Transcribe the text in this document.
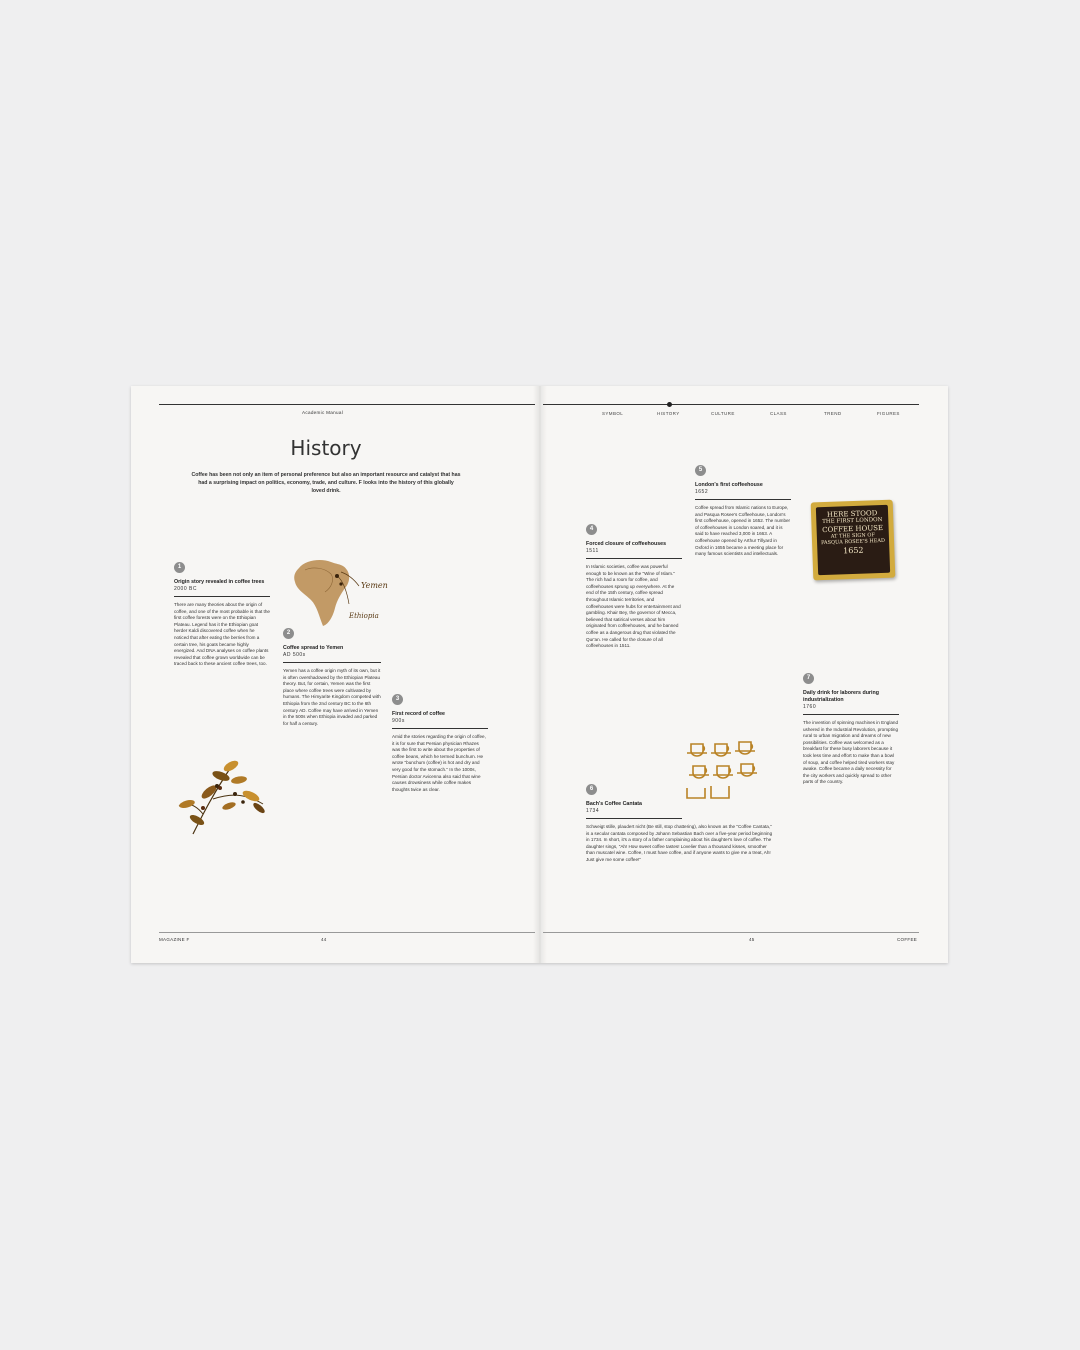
Academic Manual
History
Coffee has been not only an item of personal preference but also an important resource and catalyst that has had a surprising impact on politics, economy, trade, and culture. F looks into the history of this globally loved drink.
1
Origin story revealed in coffee trees
2000 BC
There are many theories about the origin of coffee, and one of the most probable is that the first coffee forests were on the Ethiopian Plateau. Legend has it the Ethiopian goat herder Kaldi discovered coffee when he noticed that after eating the berries from a certain tree, his goats became highly energized. And DNA analyses on coffee plants revealed that coffee grown worldwide can be traced back to these ancient coffee trees, too.
Yemen
Ethiopia
2
Coffee spread to Yemen
AD 500s
Yemen has a coffee origin myth of its own, but it is often overshadowed by the Ethiopian Plateau theory. But, for certain, Yemen was the first place where coffee trees were cultivated by humans. The Himyarite Kingdom competed with Ethiopia from the 2nd century BC to the 6th century AD. Coffee may have arrived in Yemen in the 500s when Ethiopia invaded and parked for half a century.
3
First record of coffee
900s
Amid the stories regarding the origin of coffee, it is for sure that Persian physician Rhazes was the first to write about the properties of coffee beans, which he termed bunchum. He wrote "bunchum (coffee) is hot and dry and very good for the stomach." In the 1000s, Persian doctor Avicenna also said that wine causes drowsiness while coffee makes thoughts twice as clear.
MAGAZINE F	44
SYMBOL	HISTORY	CULTURE	CLASS	TREND	FIGURES
4
Forced closure of coffeehouses
1511
In Islamic societies, coffee was powerful enough to be known as the "Wine of Islam." The rich had a room for coffee, and coffeehouses sprung up everywhere. At the end of the 15th century, coffee spread throughout Islamic territories, and coffeehouses were hubs for entertainment and gambling. Khair Bey, the governor of Mecca, believed that satirical verses about him originated from coffeehouses, and he banned coffee as a dangerous drug that violated the Qur'an. He called for the closure of all coffeehouses in 1511.
5
London's first coffeehouse
1652
Coffee spread from Islamic nations to Europe, and Pasqua Rosee's Coffeehouse, London's first coffeehouse, opened in 1652. The number of coffeehouses in London soared, and it is said to have reached 3,000 in 1663. A coffeehouse opened by Arthur Tillyard in Oxford in 1655 became a meeting place for many famous scientists and intellectuals.
HERE STOOD
THE FIRST LONDON
COFFEE HOUSE
AT THE SIGN OF
PASQUA ROSEE'S HEAD
1652
6
Bach's Coffee Cantata
1734
Schweigt stille, plaudert nicht (Be still, stop chattering), also known as the "Coffee Cantata," is a secular cantata composed by Johann Sebastian Bach over a five-year period beginning in 1734. In short, it's a story of a father complaining about his daughter's love of coffee. The daughter sings, "Ah! How sweet coffee tastes! Lovelier than a thousand kisses, smoother than muscatel wine. Coffee, I must have coffee, and if anyone wants to give me a treat, Ah! Just give me some coffee!"
7
Daily drink for laborers during industrialization
1760
The invention of spinning machines in England ushered in the Industrial Revolution, prompting rural to urban migration and dreams of new possibilities. Coffee was welcomed as a breakfast for these busy laborers because it took less time and effort to make than a bowl of soup, and coffee helped tired workers stay awake. Coffee became a daily necessity for the city workers and quickly spread to other parts of the country.
45	COFFEE
